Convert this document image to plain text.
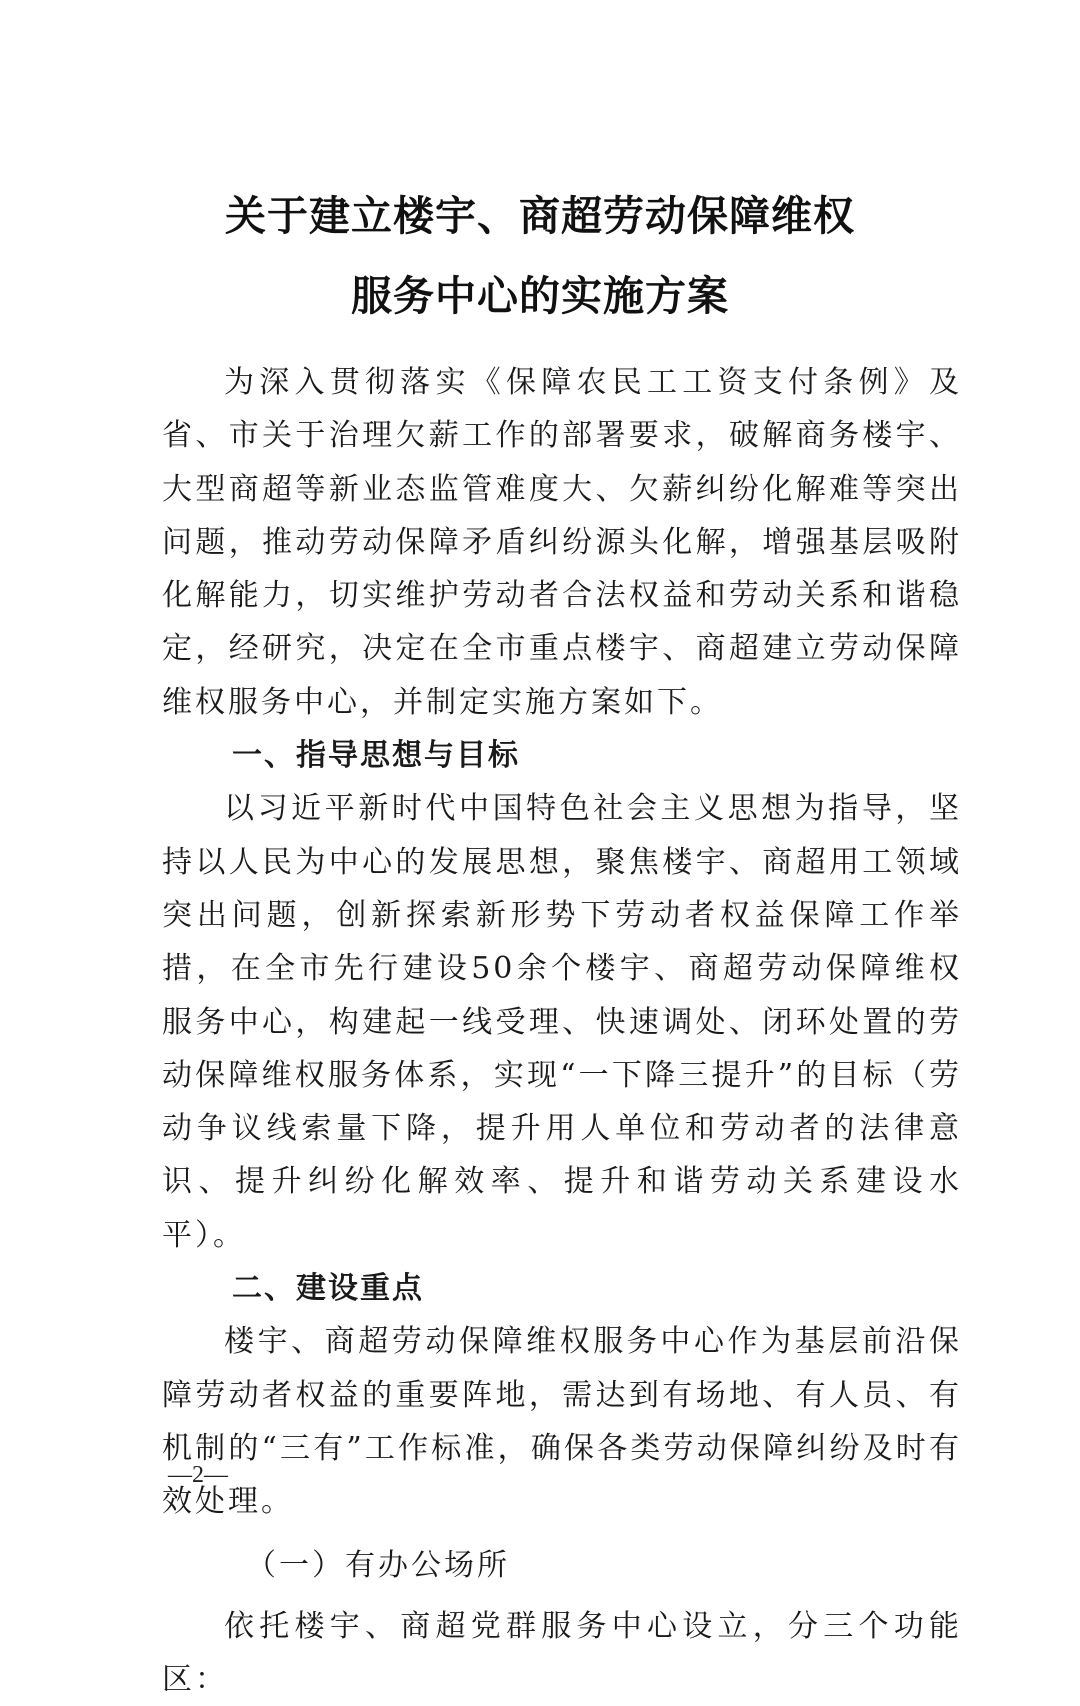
关于建立楼宇、商超劳动保障维权
服务中心的实施方案

为深入贯彻落实《保障农民工工资支付条例》及省、市关于治理欠薪工作的部署要求，破解商务楼宇、大型商超等新业态监管难度大、欠薪纠纷化解难等突出问题，推动劳动保障矛盾纠纷源头化解，增强基层吸附化解能力，切实维护劳动者合法权益和劳动关系和谐稳定，经研究，决定在全市重点楼宇、商超建立劳动保障维权服务中心，并制定实施方案如下。

一、指导思想与目标

以习近平新时代中国特色社会主义思想为指导，坚持以人民为中心的发展思想，聚焦楼宇、商超用工领域突出问题，创新探索新形势下劳动者权益保障工作举措，在全市先行建设50余个楼宇、商超劳动保障维权服务中心，构建起一线受理、快速调处、闭环处置的劳动保障维权服务体系，实现“一下降三提升”的目标（劳动争议线索量下降，提升用人单位和劳动者的法律意识、提升纠纷化解效率、提升和谐劳动关系建设水平）。

二、建设重点

楼宇、商超劳动保障维权服务中心作为基层前沿保障劳动者权益的重要阵地，需达到有场地、有人员、有机制的“三有”工作标准，确保各类劳动保障纠纷及时有效处理。

（一）有办公场所

依托楼宇、商超党群服务中心设立，分三个功能区：

—2—
